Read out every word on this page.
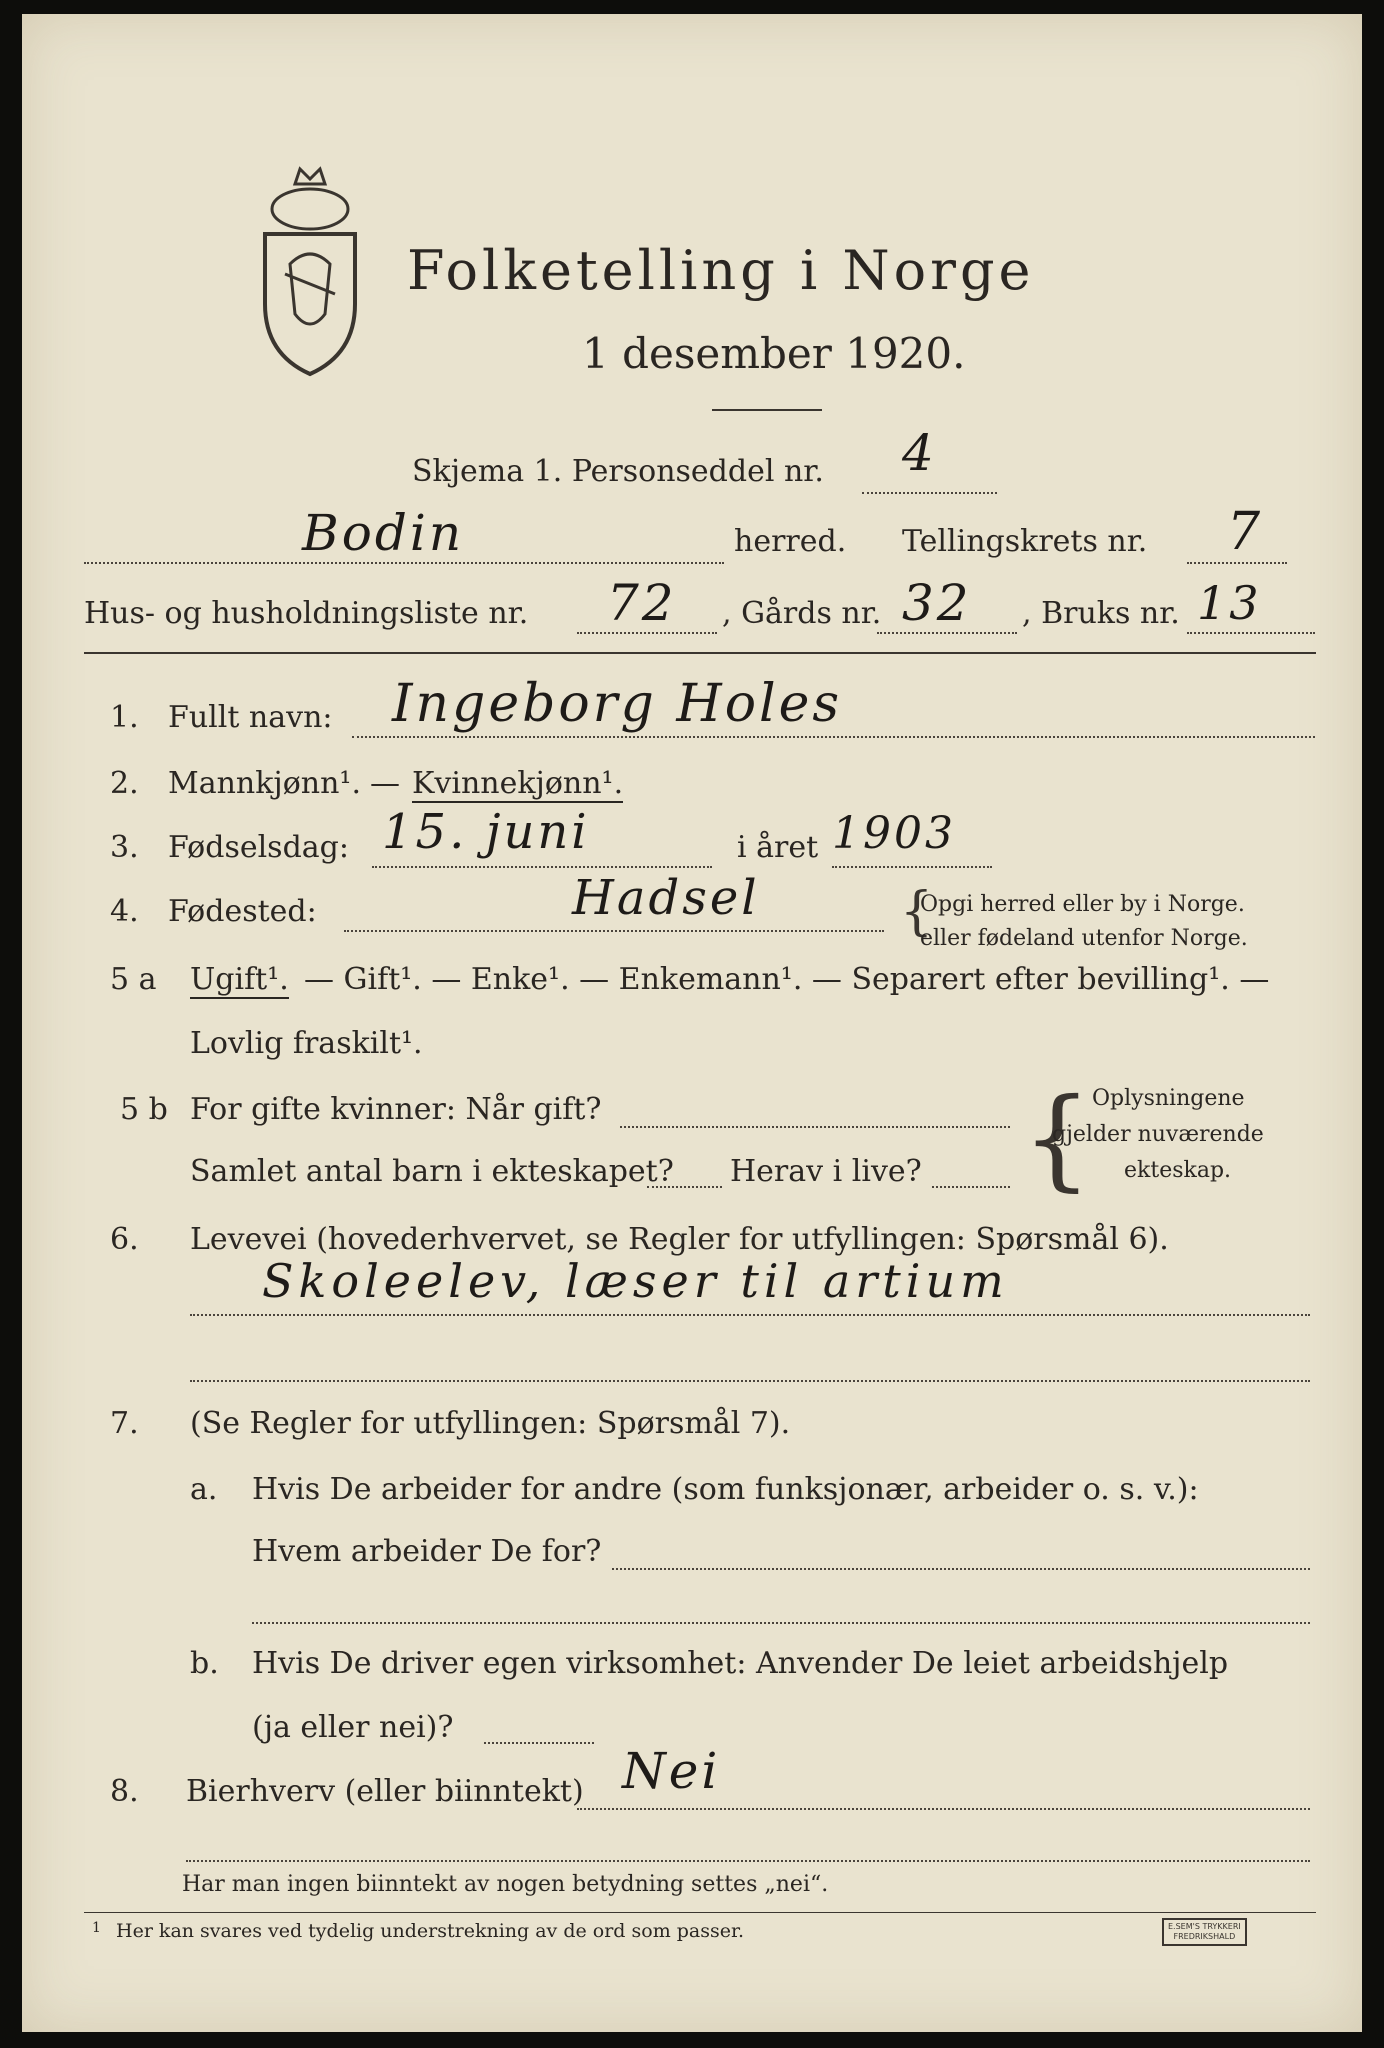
Folketelling i Norge
1 desember 1920.
Skjema 1. Personseddel nr. 4
Bodin	herred. Tellingskrets nr. 7
Hus- og husholdningsliste nr. 72 , Gårds nr. 32 , Bruks nr. 13
1. Fullt navn: Ingeborg Holes
2. Mannkjønn¹. — Kvinnekjønn¹.
3. Fødselsdag: 15. juni	i året 1903
4. Fødested:	Hadsel	{
Opgi herred eller by i Norge.
eller fødeland utenfor Norge.
5 a Ugift¹. — Gift¹. — Enke¹. — Enkemann¹. — Separert efter bevilling¹. —
Lovlig fraskilt¹.
5 b For gifte kvinner: Når gift?
Samlet antal barn i ekteskapet? Herav i live? { Oplysningene
gjelder nuværende
ekteskap.
6. Levevei (hovederhvervet, se Regler for utfyllingen: Spørsmål 6).
Skoleelev, læser til artium
7. (Se Regler for utfyllingen: Spørsmål 7).
a. Hvis De arbeider for andre (som funksjonær, arbeider o. s. v.):
Hvem arbeider De for?
b. Hvis De driver egen virksomhet: Anvender De leiet arbeidshjelp
(ja eller nei)?
8. Bierhverv (eller biinntekt) Nei
Har man ingen biinntekt av nogen betydning settes „nei“.
1 Her kan svares ved tydelig understrekning av de ord som passer.	E.SEM'S TRYKKERI
FREDRIKSHALD
